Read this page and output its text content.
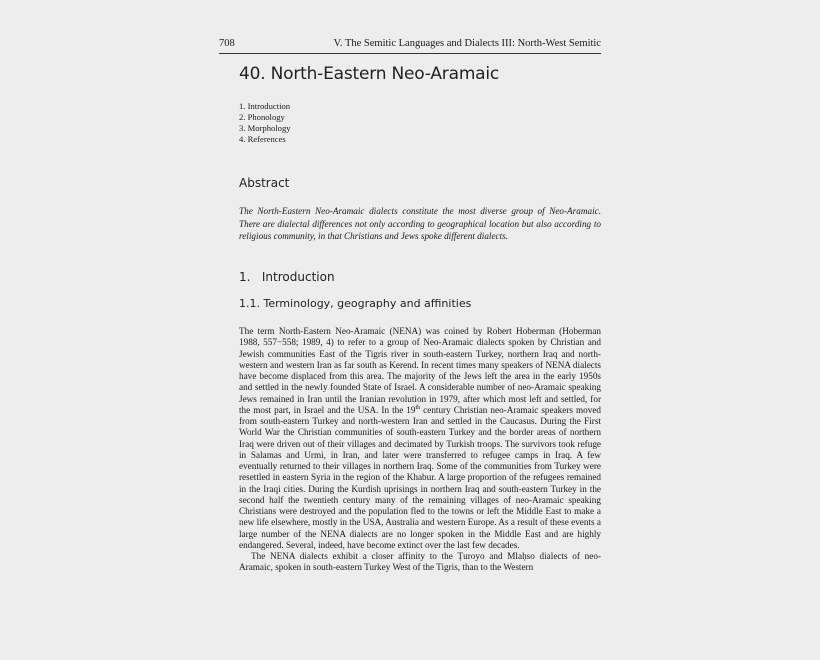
708	V. The Semitic Languages and Dialects III: North-West Semitic
40. North-Eastern Neo-Aramaic
1. Introduction
2. Phonology
3. Morphology
4. References
Abstract

The North-Eastern Neo-Aramaic dialects constitute the most diverse group of Neo-Aramaic. There are dialectal differences not only according to geographical location but also according to religious community, in that Christians and Jews spoke different dialects.

1.   Introduction
1.1. Terminology, geography and affinities
The term North-Eastern Neo-Aramaic (NENA) was coined by Robert Hoberman (Hoberman 1988, 557−558; 1989, 4) to refer to a group of Neo-Aramaic dialects spoken by Christian and Jewish communities East of the Tigris river in south-eastern Turkey, northern Iraq and north-western and western Iran as far south as Kerend. In recent times many speakers of NENA dialects have become displaced from this area. The majority of the Jews left the area in the early 1950s and settled in the newly founded State of Israel. A considerable number of neo-Aramaic speaking Jews remained in Iran until the Iranian revolution in 1979, after which most left and settled, for the most part, in Israel and the USA. In the 19th century Christian neo-Aramaic speakers moved from south-eastern Turkey and north-western Iran and settled in the Caucasus. During the First World War the Christian communities of south-eastern Turkey and the border areas of northern Iraq were driven out of their villages and decimated by Turkish troops. The survivors took refuge in Salamas and Urmi, in Iran, and later were transferred to refugee camps in Iraq. A few eventually returned to their villages in northern Iraq. Some of the communities from Turkey were resettled in eastern Syria in the region of the Khabur. A large proportion of the refugees remained in the Iraqi cities. During the Kurdish uprisings in northern Iraq and south-eastern Turkey in the second half the twentieth century many of the remaining villages of neo-Aramaic speaking Christians were destroyed and the population fled to the towns or left the Middle East to make a new life elsewhere, mostly in the USA, Australia and western Europe. As a result of these events a large number of the NENA dialects are no longer spoken in the Middle East and are highly endangered. Several, indeed, have become extinct over the last few decades.
The NENA dialects exhibit a closer affinity to the Ṭuroyo and Mlaḥso dialects of neo-Aramaic, spoken in south-eastern Turkey West of the Tigris, than to the Western
